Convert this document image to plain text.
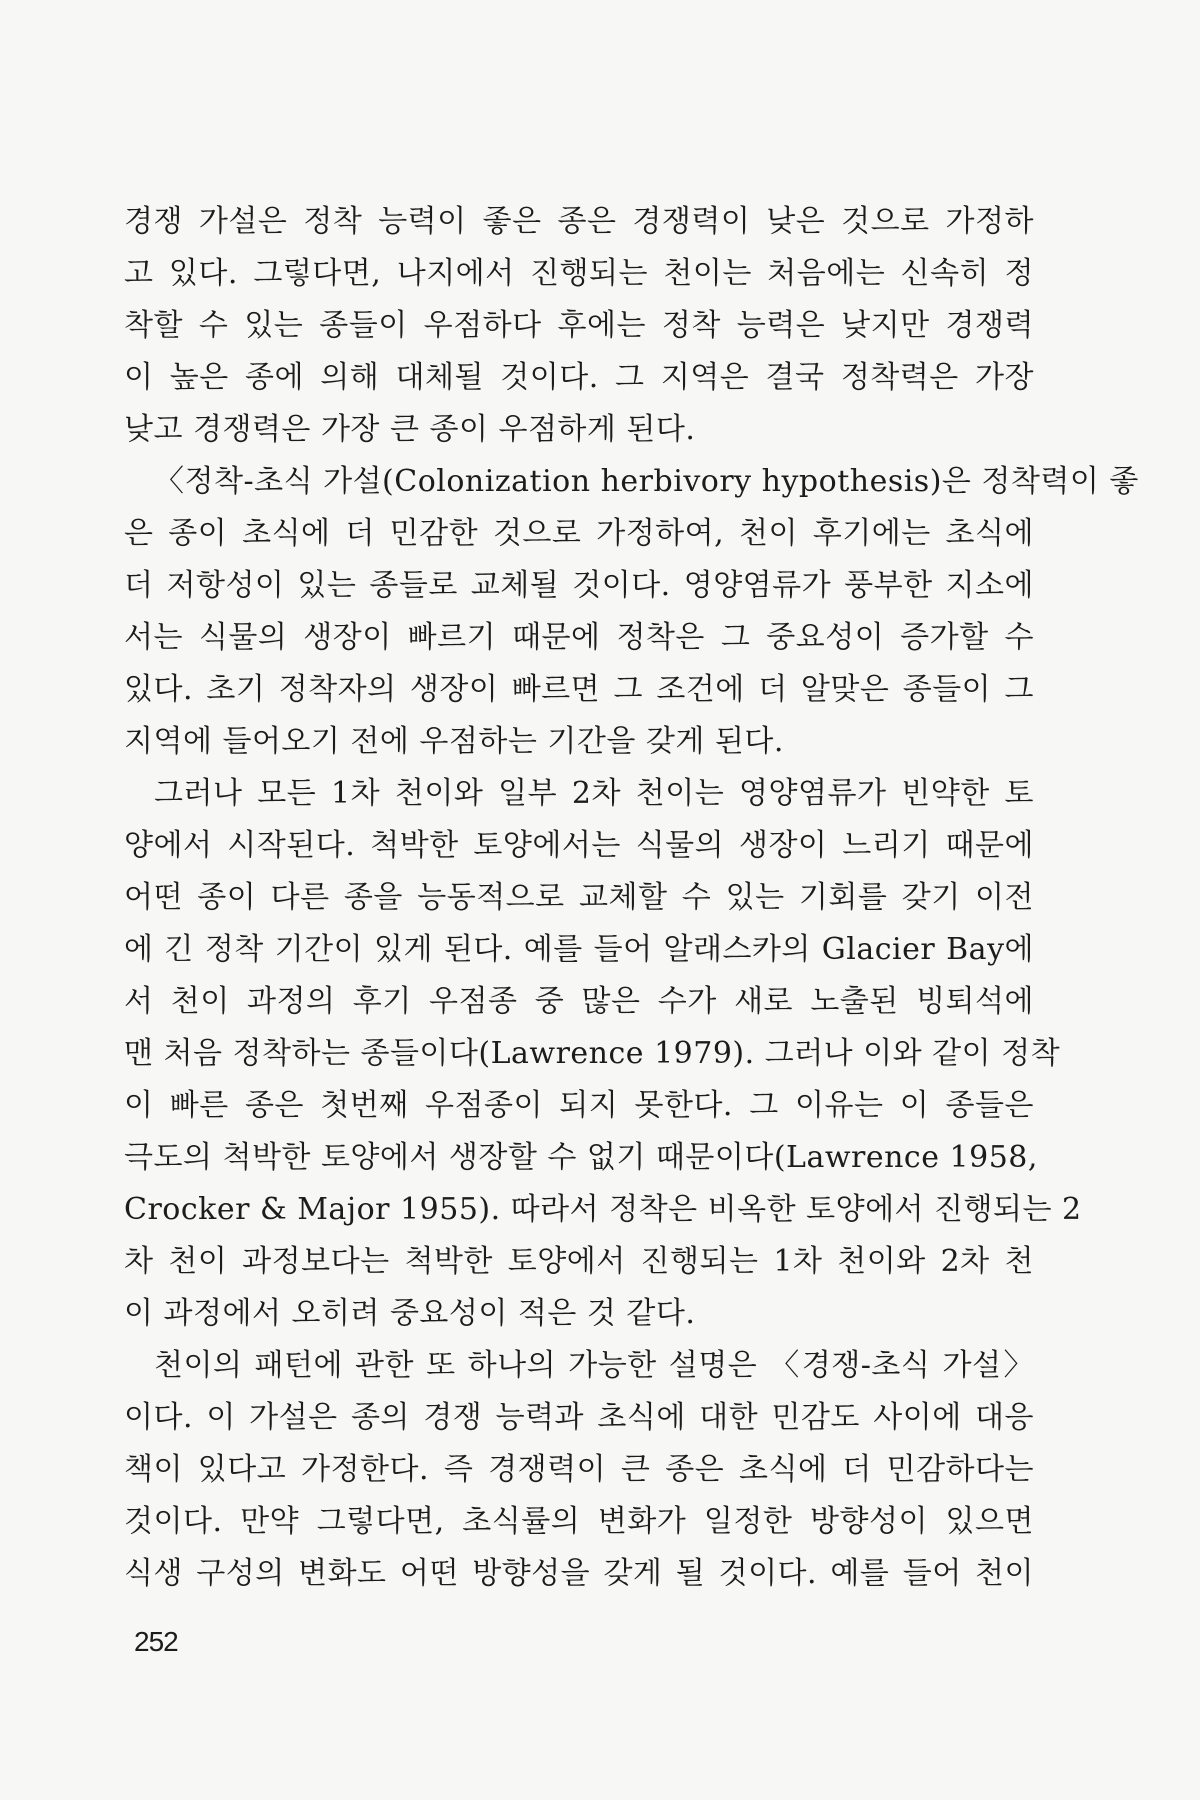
경쟁 가설은 정착 능력이 좋은 종은 경쟁력이 낮은 것으로 가정하
고 있다. 그렇다면, 나지에서 진행되는 천이는 처음에는 신속히 정
착할 수 있는 종들이 우점하다 후에는 정착 능력은 낮지만 경쟁력
이 높은 종에 의해 대체될 것이다. 그 지역은 결국 정착력은 가장
낮고 경쟁력은 가장 큰 종이 우점하게 된다.
〈정착-초식 가설(Colonization herbivory hypothesis)은 정착력이 좋
은 종이 초식에 더 민감한 것으로 가정하여, 천이 후기에는 초식에
더 저항성이 있는 종들로 교체될 것이다. 영양염류가 풍부한 지소에
서는 식물의 생장이 빠르기 때문에 정착은 그 중요성이 증가할 수
있다. 초기 정착자의 생장이 빠르면 그 조건에 더 알맞은 종들이 그
지역에 들어오기 전에 우점하는 기간을 갖게 된다.
그러나 모든 1차 천이와 일부 2차 천이는 영양염류가 빈약한 토
양에서 시작된다. 척박한 토양에서는 식물의 생장이 느리기 때문에
어떤 종이 다른 종을 능동적으로 교체할 수 있는 기회를 갖기 이전
에 긴 정착 기간이 있게 된다. 예를 들어 알래스카의 Glacier Bay에
서 천이 과정의 후기 우점종 중 많은 수가 새로 노출된 빙퇴석에
맨 처음 정착하는 종들이다(Lawrence 1979). 그러나 이와 같이 정착
이 빠른 종은 첫번째 우점종이 되지 못한다. 그 이유는 이 종들은
극도의 척박한 토양에서 생장할 수 없기 때문이다(Lawrence 1958,
Crocker & Major 1955). 따라서 정착은 비옥한 토양에서 진행되는 2
차 천이 과정보다는 척박한 토양에서 진행되는 1차 천이와 2차 천
이 과정에서 오히려 중요성이 적은 것 같다.
천이의 패턴에 관한 또 하나의 가능한 설명은 〈경쟁-초식 가설〉
이다. 이 가설은 종의 경쟁 능력과 초식에 대한 민감도 사이에 대응
책이 있다고 가정한다. 즉 경쟁력이 큰 종은 초식에 더 민감하다는
것이다. 만약 그렇다면, 초식률의 변화가 일정한 방향성이 있으면
식생 구성의 변화도 어떤 방향성을 갖게 될 것이다. 예를 들어 천이
252
